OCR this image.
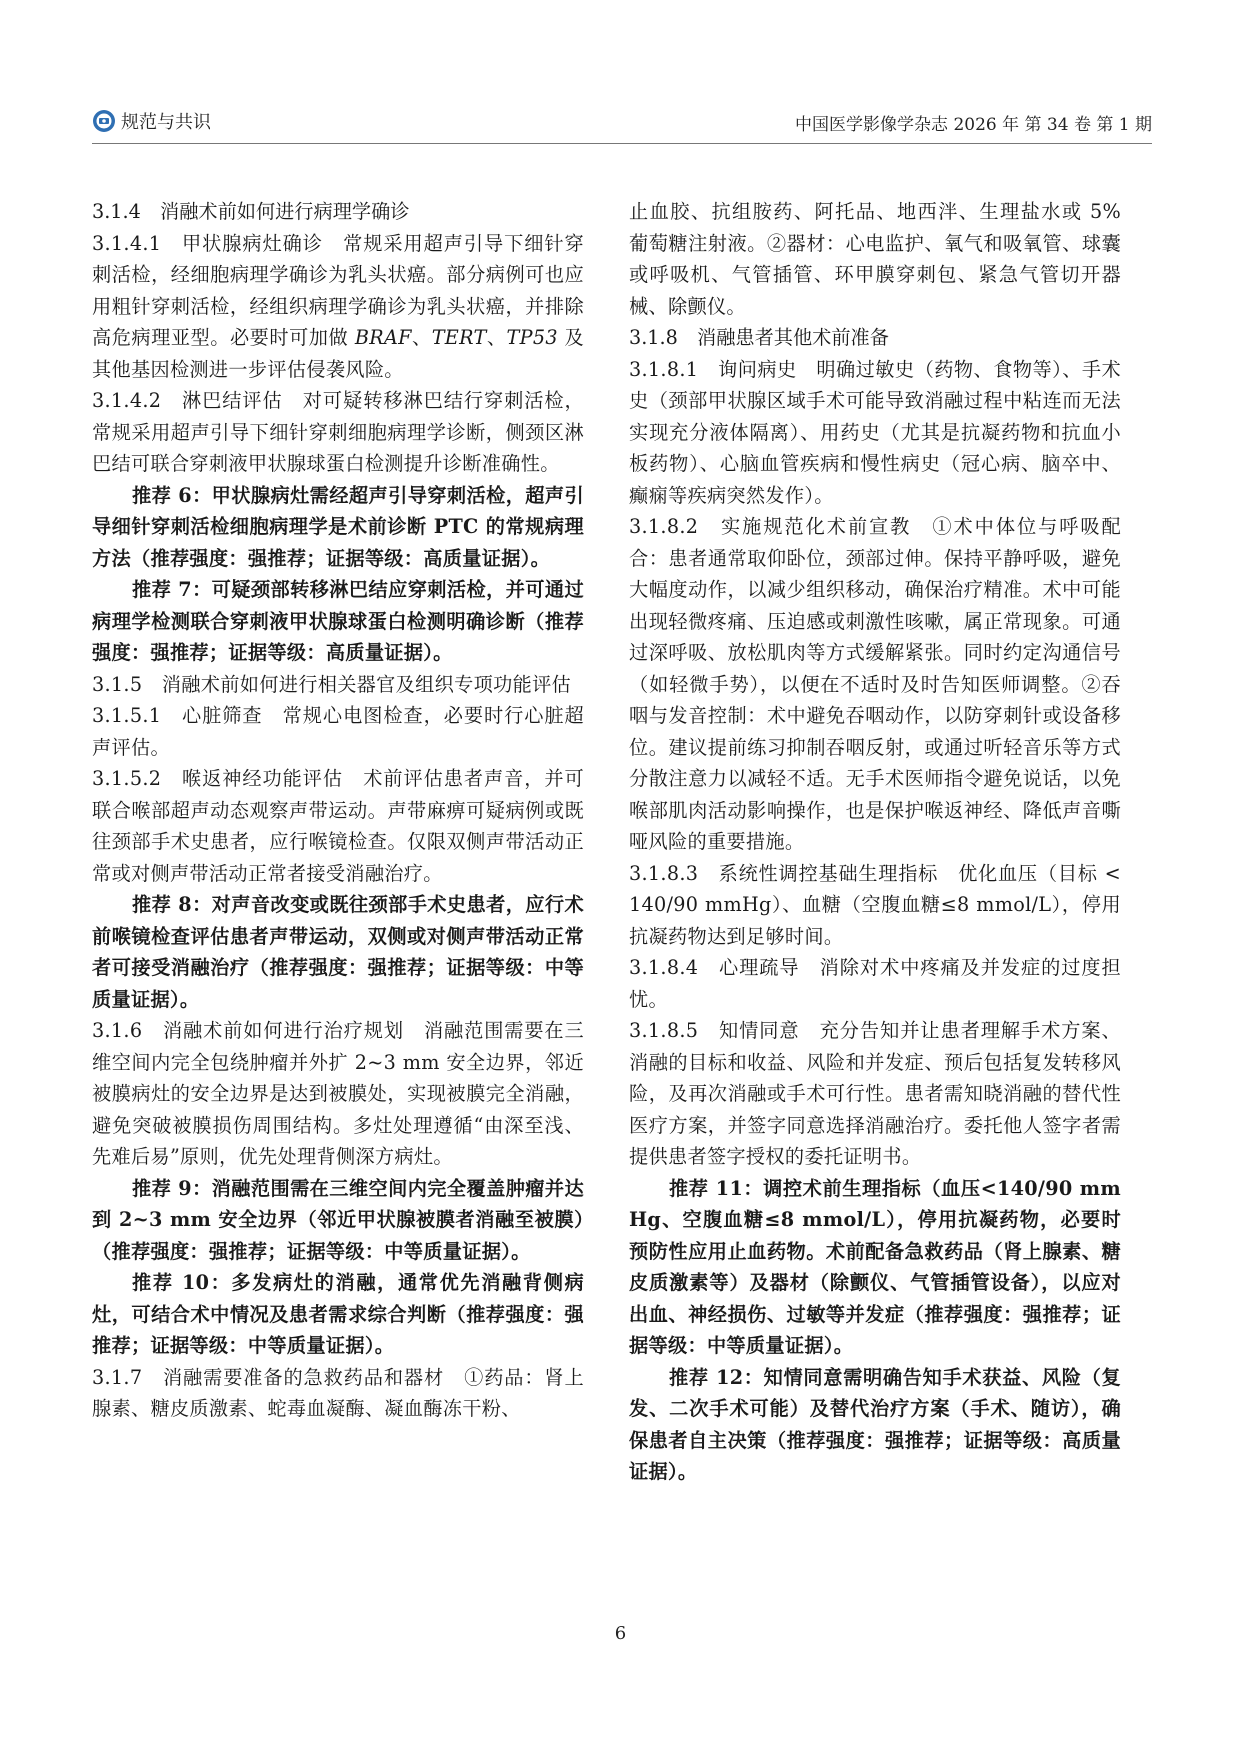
规范与共识	中国医学影像学杂志 2026 年 第 34 卷 第 1 期

3.1.4　消融术前如何进行病理学确诊

3.1.4.1　甲状腺病灶确诊　常规采用超声引导下细针穿刺活检，经细胞病理学确诊为乳头状癌。部分病例可也应用粗针穿刺活检，经组织病理学确诊为乳头状癌，并排除高危病理亚型。必要时可加做 BRAF、TERT、TP53 及其他基因检测进一步评估侵袭风险。

3.1.4.2　淋巴结评估　对可疑转移淋巴结行穿刺活检，常规采用超声引导下细针穿刺细胞病理学诊断，侧颈区淋巴结可联合穿刺液甲状腺球蛋白检测提升诊断准确性。

推荐 6：甲状腺病灶需经超声引导穿刺活检，超声引导细针穿刺活检细胞病理学是术前诊断 PTC 的常规病理方法（推荐强度：强推荐；证据等级：高质量证据）。

推荐 7：可疑颈部转移淋巴结应穿刺活检，并可通过病理学检测联合穿刺液甲状腺球蛋白检测明确诊断（推荐强度：强推荐；证据等级：高质量证据）。

3.1.5　消融术前如何进行相关器官及组织专项功能评估

3.1.5.1　心脏筛查　常规心电图检查，必要时行心脏超声评估。

3.1.5.2　喉返神经功能评估　术前评估患者声音，并可联合喉部超声动态观察声带运动。声带麻痹可疑病例或既往颈部手术史患者，应行喉镜检查。仅限双侧声带活动正常或对侧声带活动正常者接受消融治疗。

推荐 8：对声音改变或既往颈部手术史患者，应行术前喉镜检查评估患者声带运动，双侧或对侧声带活动正常者可接受消融治疗（推荐强度：强推荐；证据等级：中等质量证据）。

3.1.6　消融术前如何进行治疗规划　消融范围需要在三维空间内完全包绕肿瘤并外扩 2~3 mm 安全边界，邻近被膜病灶的安全边界是达到被膜处，实现被膜完全消融，避免突破被膜损伤周围结构。多灶处理遵循“由深至浅、先难后易”原则，优先处理背侧深方病灶。

推荐 9：消融范围需在三维空间内完全覆盖肿瘤并达到 2~3 mm 安全边界（邻近甲状腺被膜者消融至被膜）（推荐强度：强推荐；证据等级：中等质量证据）。

推荐 10：多发病灶的消融，通常优先消融背侧病灶，可结合术中情况及患者需求综合判断（推荐强度：强推荐；证据等级：中等质量证据）。

3.1.7　消融需要准备的急救药品和器材　①药品：肾上腺素、糖皮质激素、蛇毒血凝酶、凝血酶冻干粉、

止血胶、抗组胺药、阿托品、地西泮、生理盐水或 5% 葡萄糖注射液。②器材：心电监护、氧气和吸氧管、球囊或呼吸机、气管插管、环甲膜穿刺包、紧急气管切开器械、除颤仪。

3.1.8　消融患者其他术前准备

3.1.8.1　询问病史　明确过敏史（药物、食物等）、手术史（颈部甲状腺区域手术可能导致消融过程中粘连而无法实现充分液体隔离）、用药史（尤其是抗凝药物和抗血小板药物）、心脑血管疾病和慢性病史（冠心病、脑卒中、癫痫等疾病突然发作）。

3.1.8.2　实施规范化术前宣教　①术中体位与呼吸配合：患者通常取仰卧位，颈部过伸。保持平静呼吸，避免大幅度动作，以减少组织移动，确保治疗精准。术中可能出现轻微疼痛、压迫感或刺激性咳嗽，属正常现象。可通过深呼吸、放松肌肉等方式缓解紧张。同时约定沟通信号（如轻微手势），以便在不适时及时告知医师调整。②吞咽与发音控制：术中避免吞咽动作，以防穿刺针或设备移位。建议提前练习抑制吞咽反射，或通过听轻音乐等方式分散注意力以减轻不适。无手术医师指令避免说话，以免喉部肌肉活动影响操作，也是保护喉返神经、降低声音嘶哑风险的重要措施。

3.1.8.3　系统性调控基础生理指标　优化血压（目标 <140/90 mmHg）、血糖（空腹血糖≤8 mmol/L），停用抗凝药物达到足够时间。

3.1.8.4　心理疏导　消除对术中疼痛及并发症的过度担忧。

3.1.8.5　知情同意　充分告知并让患者理解手术方案、消融的目标和收益、风险和并发症、预后包括复发转移风险，及再次消融或手术可行性。患者需知晓消融的替代性医疗方案，并签字同意选择消融治疗。委托他人签字者需提供患者签字授权的委托证明书。

推荐 11：调控术前生理指标（血压<140/90 mmHg、空腹血糖≤8 mmol/L），停用抗凝药物，必要时预防性应用止血药物。术前配备急救药品（肾上腺素、糖皮质激素等）及器材（除颤仪、气管插管设备），以应对出血、神经损伤、过敏等并发症（推荐强度：强推荐；证据等级：中等质量证据）。

推荐 12：知情同意需明确告知手术获益、风险（复发、二次手术可能）及替代治疗方案（手术、随访），确保患者自主决策（推荐强度：强推荐；证据等级：高质量证据）。

6
